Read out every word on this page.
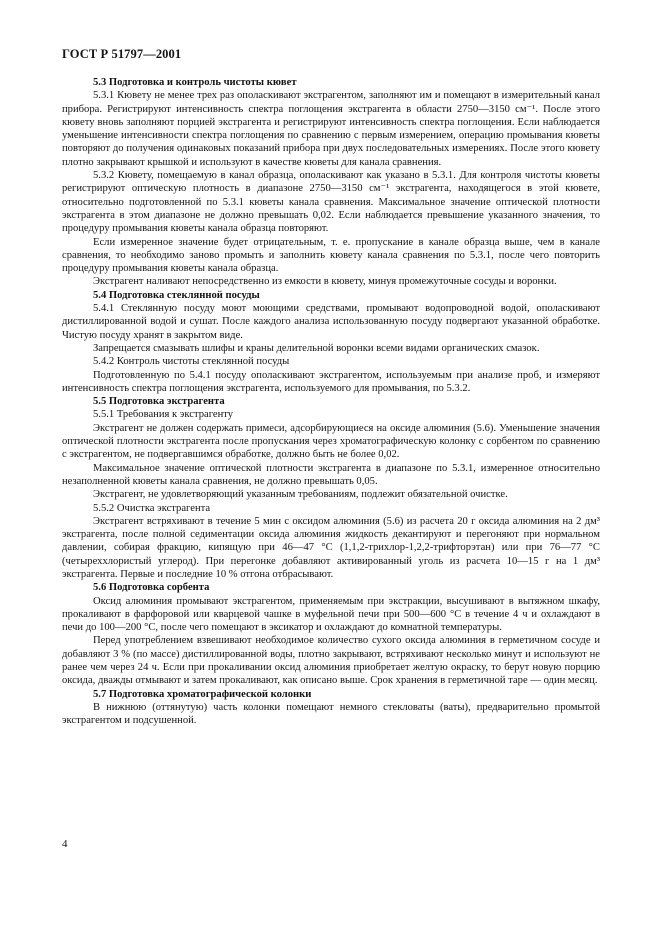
ГОСТ Р 51797—2001

5.3 Подготовка и контроль чистоты кювет

5.3.1 Кювету не менее трех раз ополаскивают экстрагентом, заполняют им и помещают в измерительный канал прибора. Регистрируют интенсивность спектра поглощения экстрагента в области 2750—3150 см⁻¹. После этого кювету вновь заполняют порцией экстрагента и регистрируют интенсивность спектра поглощения. Если наблюдается уменьшение интенсивности спектра поглощения по сравнению с первым измерением, операцию промывания кюветы повторяют до получения одинаковых показаний прибора при двух последовательных измерениях. После этого кювету плотно закрывают крышкой и используют в качестве кюветы для канала сравнения.

5.3.2 Кювету, помещаемую в канал образца, ополаскивают как указано в 5.3.1. Для контроля чистоты кюветы регистрируют оптическую плотность в диапазоне 2750—3150 см⁻¹ экстрагента, находящегося в этой кювете, относительно подготовленной по 5.3.1 кюветы канала сравнения. Максимальное значение оптической плотности экстрагента в этом диапазоне не должно превышать 0,02. Если наблюдается превышение указанного значения, то процедуру промывания кюветы канала образца повторяют.

Если измеренное значение будет отрицательным, т. е. пропускание в канале образца выше, чем в канале сравнения, то необходимо заново промыть и заполнить кювету канала сравнения по 5.3.1, после чего повторить процедуру промывания кюветы канала образца.

Экстрагент наливают непосредственно из емкости в кювету, минуя промежуточные сосуды и воронки.

5.4 Подготовка стеклянной посуды

5.4.1 Стеклянную посуду моют моющими средствами, промывают водопроводной водой, ополаскивают дистиллированной водой и сушат. После каждого анализа использованную посуду подвергают указанной обработке. Чистую посуду хранят в закрытом виде.

Запрещается смазывать шлифы и краны делительной воронки всеми видами органических смазок.

5.4.2 Контроль чистоты стеклянной посуды

Подготовленную по 5.4.1 посуду ополаскивают экстрагентом, используемым при анализе проб, и измеряют интенсивность спектра поглощения экстрагента, используемого для промывания, по 5.3.2.

5.5 Подготовка экстрагента

5.5.1 Требования к экстрагенту

Экстрагент не должен содержать примеси, адсорбирующиеся на оксиде алюминия (5.6). Уменьшение значения оптической плотности экстрагента после пропускания через хроматографическую колонку с сорбентом по сравнению с экстрагентом, не подвергавшимся обработке, должно быть не более 0,02.

Максимальное значение оптической плотности экстрагента в диапазоне по 5.3.1, измеренное относительно незаполненной кюветы канала сравнения, не должно превышать 0,05.

Экстрагент, не удовлетворяющий указанным требованиям, подлежит обязательной очистке.

5.5.2 Очистка экстрагента

Экстрагент встряхивают в течение 5 мин с оксидом алюминия (5.6) из расчета 20 г оксида алюминия на 2 дм³ экстрагента, после полной седиментации оксида алюминия жидкость декантируют и перегоняют при нормальном давлении, собирая фракцию, кипящую при 46—47 °С (1,1,2-трихлор-1,2,2-трифторэтан) или при 76—77 °С (четыреххлористый углерод). При перегонке добавляют активированный уголь из расчета 10—15 г на 1 дм³ экстрагента. Первые и последние 10 % отгона отбрасывают.

5.6 Подготовка сорбента

Оксид алюминия промывают экстрагентом, применяемым при экстракции, высушивают в вытяжном шкафу, прокаливают в фарфоровой или кварцевой чашке в муфельной печи при 500—600 °С в течение 4 ч и охлаждают в печи до 100—200 °С, после чего помещают в эксикатор и охлаждают до комнатной температуры.

Перед употреблением взвешивают необходимое количество сухого оксида алюминия в герметичном сосуде и добавляют 3 % (по массе) дистиллированной воды, плотно закрывают, встряхивают несколько минут и используют не ранее чем через 24 ч. Если при прокаливании оксид алюминия приобретает желтую окраску, то берут новую порцию оксида, дважды отмывают и затем прокаливают, как описано выше. Срок хранения в герметичной таре — один месяц.

5.7 Подготовка хроматографической колонки

В нижнюю (оттянутую) часть колонки помещают немного стекловаты (ваты), предварительно промытой экстрагентом и подсушенной.

4
